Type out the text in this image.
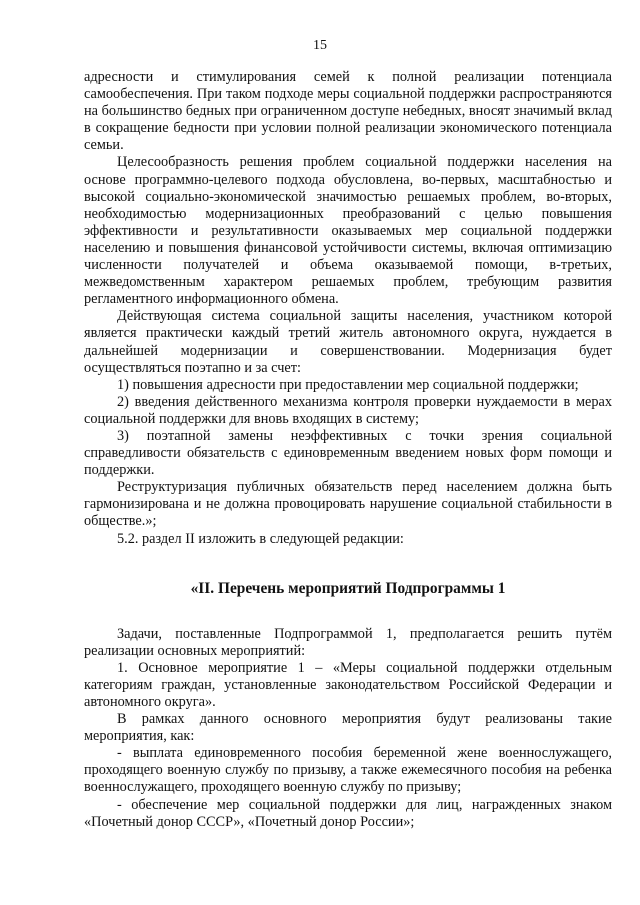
15

адресности и стимулирования семей к полной реализации потенциала самообеспечения. При таком подходе меры социальной поддержки распространяются на большинство бедных при ограниченном доступе небедных, вносят значимый вклад в сокращение бедности при условии полной реализации экономического потенциала семьи.

Целесообразность решения проблем социальной поддержки населения на основе программно-целевого подхода обусловлена, во-первых, масштабностью и высокой социально-экономической значимостью решаемых проблем, во-вторых, необходимостью модернизационных преобразований с целью повышения эффективности и результативности оказываемых мер социальной поддержки населению и повышения финансовой устойчивости системы, включая оптимизацию численности получателей и объема оказываемой помощи, в-третьих, межведомственным характером решаемых проблем, требующим развития регламентного информационного обмена.

Действующая система социальной защиты населения, участником которой является практически каждый третий житель автономного округа, нуждается в дальнейшей модернизации и совершенствовании. Модернизация будет осуществляться поэтапно и за счет:

1) повышения адресности при предоставлении мер социальной поддержки;

2) введения действенного механизма контроля проверки нуждаемости в мерах социальной поддержки для вновь входящих в систему;

3) поэтапной замены неэффективных с точки зрения социальной справедливости обязательств с единовременным введением новых форм помощи и поддержки.

Реструктуризация публичных обязательств перед населением должна быть гармонизирована и не должна провоцировать нарушение социальной стабильности в обществе.»;

5.2. раздел II изложить в следующей редакции:

«II. Перечень мероприятий Подпрограммы 1

Задачи, поставленные Подпрограммой 1, предполагается решить путём реализации основных мероприятий:

1. Основное мероприятие 1 – «Меры социальной поддержки отдельным категориям граждан, установленные законодательством Российской Федерации и автономного округа».

В рамках данного основного мероприятия будут реализованы такие мероприятия, как:

- выплата единовременного пособия беременной жене военнослужащего, проходящего военную службу по призыву, а также ежемесячного пособия на ребенка военнослужащего, проходящего военную службу по призыву;

- обеспечение мер социальной поддержки для лиц, награжденных знаком «Почетный донор СССР», «Почетный донор России»;
